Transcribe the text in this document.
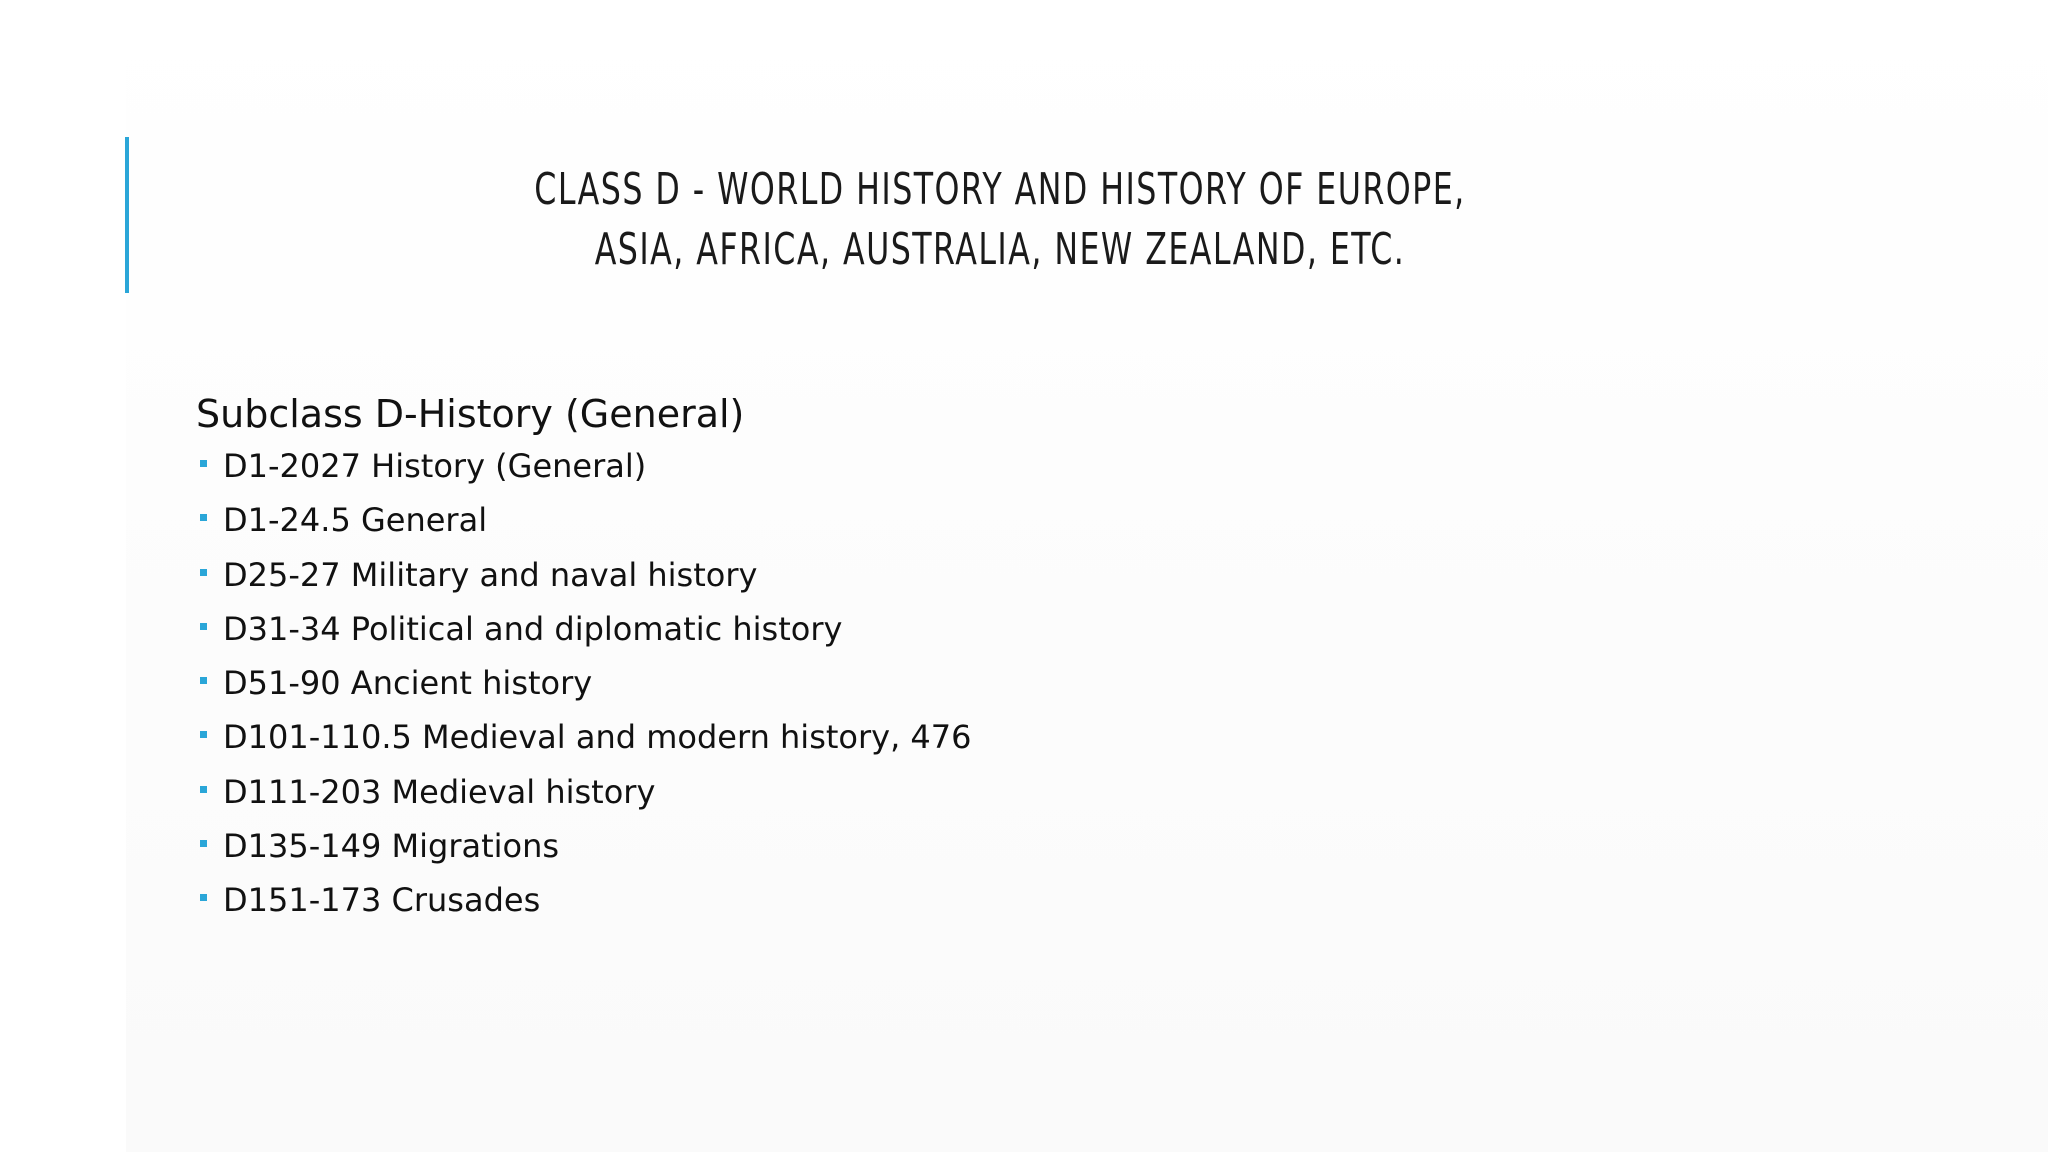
CLASS D - WORLD HISTORY AND HISTORY OF EUROPE,
ASIA, AFRICA, AUSTRALIA, NEW ZEALAND, ETC.
Subclass D-History (General)
D1-2027 History (General)
D1-24.5 General
D25-27 Military and naval history
D31-34 Political and diplomatic history
D51-90 Ancient history
D101-110.5 Medieval and modern history, 476
D111-203 Medieval history
D135-149 Migrations
D151-173 Crusades
